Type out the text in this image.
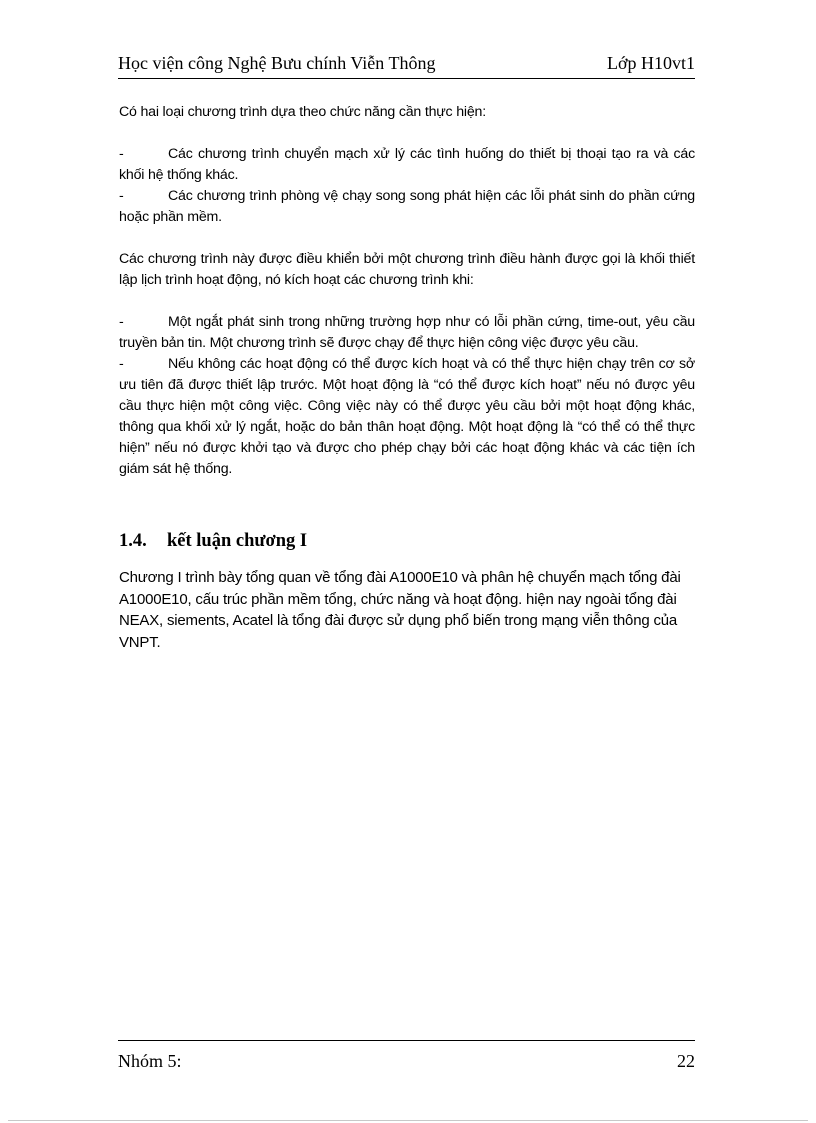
Học viện công Nghệ Bưu chính Viễn Thông	Lớp H10vt1

Có hai loại chương trình dựa theo chức năng cần thực hiện:

-	Các chương trình chuyển mạch xử lý các tình huống do thiết bị thoại tạo ra và các khối hệ thống khác.

-	Các chương trình phòng vệ chạy song song phát hiện các lỗi phát sinh do phần cứng hoặc phần mềm.

Các chương trình này được điều khiển bởi một chương trình điều hành được gọi là khối thiết lập lịch trình hoạt động, nó kích hoạt các chương trình khi:

-	Một ngắt phát sinh trong những trường hợp như có lỗi phần cứng, time-out, yêu cầu truyền bản tin. Một chương trình sẽ được chạy để thực hiện công việc được yêu cầu.

-	Nếu không các hoạt động có thể được kích hoạt và có thể thực hiện chạy trên cơ sở ưu tiên đã được thiết lập trước. Một hoạt động là “có thể được kích hoạt” nếu nó được yêu cầu thực hiện một công việc. Công việc này có thể được yêu cầu bởi một hoạt động khác, thông qua khối xử lý ngắt, hoặc do bản thân hoạt động. Một hoạt động là “có thể có thể thực hiện” nếu nó được khởi tạo và được cho phép chạy bởi các hoạt động khác và các tiện ích giám sát hệ thống.

1.4. kết luận chương I

Chương I trình bày tổng quan về tổng đài A1000E10 và phân hệ chuyển mạch tổng đài A1000E10, cấu trúc phần mềm tổng, chức năng và hoạt động. hiện nay ngoài tổng đài NEAX, siements, Acatel là tổng đài được sử dụng phổ biến trong mạng viễn thông của VNPT.

Nhóm 5:	22
